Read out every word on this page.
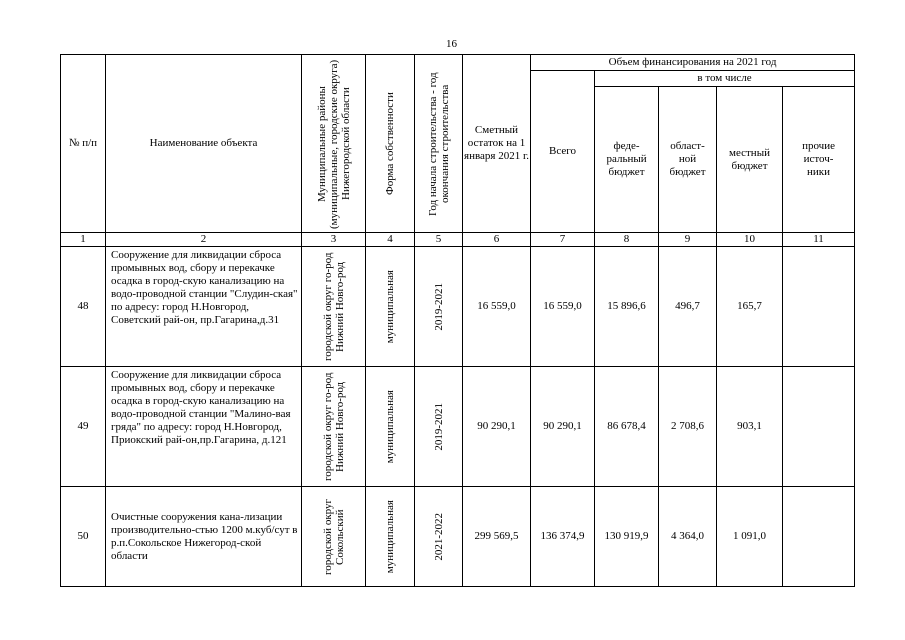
16
№ п/п	Наименование объекта	Муниципальные районы (муниципальные, городские округа) Нижегородской области	Форма собственности	Год начала строительства - год окончания строительства	Сметный остаток на 1 января 2021 г.	Объем финансирования на 2021 год				
						Всего	в том числе			

							феде-ральный бюджет	област-ной бюджет	местный бюджет	прочие источ-ники

1	2	3	4	5	6	7	8	9	10	11
48	Сооружение для ликвидации сброса промывных вод, сбору и перекачке осадка в город-скую канализацию на водо-проводной станции "Слудин-ская" по адресу: город Н.Новгород, Советский рай-он, пр.Гагарина,д.31	городской округ го-род Нижний Новго-род	муниципальная	2019-2021	16 559,0	16 559,0	15 896,6	496,7	165,7	
49	Сооружение для ликвидации сброса промывных вод, сбору и перекачке осадка в город-скую канализацию на водо-проводной станции "Малино-вая гряда" по адресу: город Н.Новгород, Приокский рай-он,пр.Гагарина, д.121	городской округ го-род Нижний Новго-род	муниципальная	2019-2021	90 290,1	90 290,1	86 678,4	2 708,6	903,1	
50	Очистные сооружения кана-лизации производительно-стью 1200 м.куб/сут в р.п.Сокольское Нижегород-ской области	городской округ Сокольский	муниципальная	2021-2022	299 569,5	136 374,9	130 919,9	4 364,0	1 091,0	
